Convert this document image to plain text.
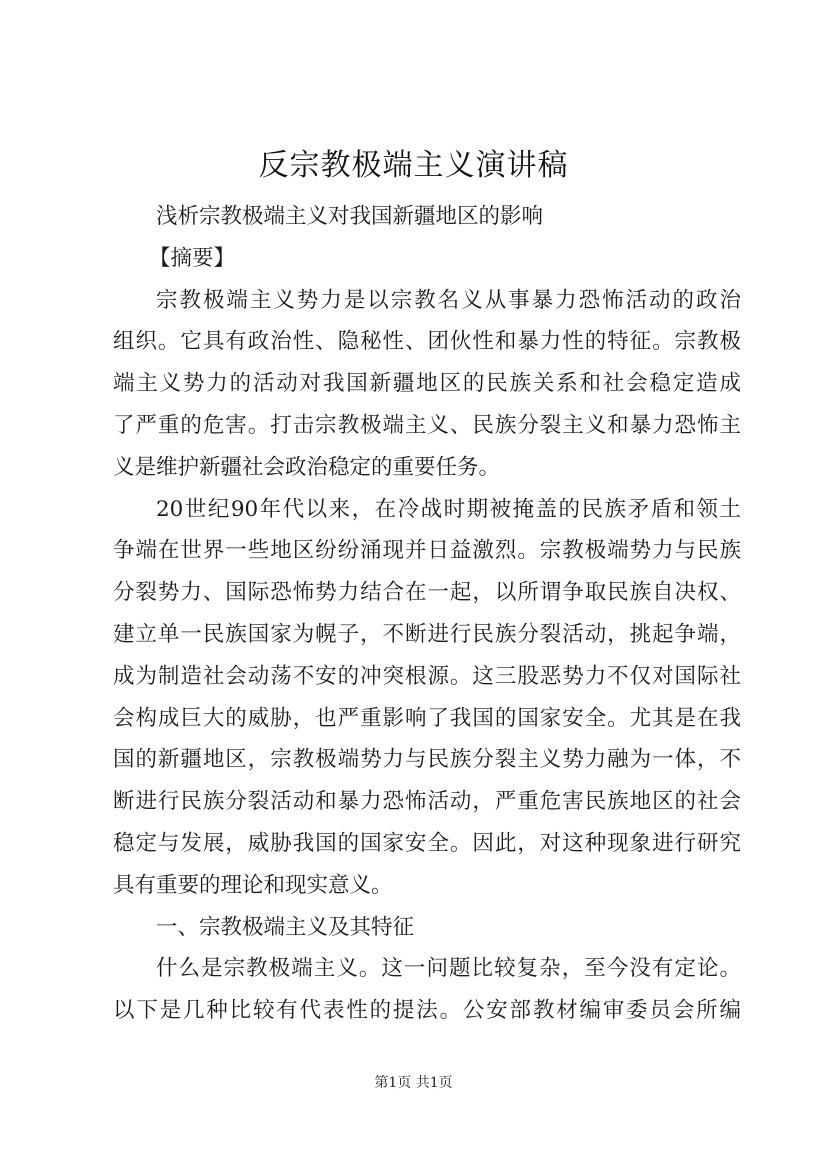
反宗教极端主义演讲稿
浅析宗教极端主义对我国新疆地区的影响
【摘要】
宗教极端主义势力是以宗教名义从事暴力恐怖活动的政治
组织。它具有政治性、隐秘性、团伙性和暴力性的特征。宗教极
端主义势力的活动对我国新疆地区的民族关系和社会稳定造成
了严重的危害。打击宗教极端主义、民族分裂主义和暴力恐怖主
义是维护新疆社会政治稳定的重要任务。
20世纪90年代以来，在冷战时期被掩盖的民族矛盾和领土
争端在世界一些地区纷纷涌现并日益激烈。宗教极端势力与民族
分裂势力、国际恐怖势力结合在一起，以所谓争取民族自决权、
建立单一民族国家为幌子，不断进行民族分裂活动，挑起争端，
成为制造社会动荡不安的冲突根源。这三股恶势力不仅对国际社
会构成巨大的威胁，也严重影响了我国的国家安全。尤其是在我
国的新疆地区，宗教极端势力与民族分裂主义势力融为一体，不
断进行民族分裂活动和暴力恐怖活动，严重危害民族地区的社会
稳定与发展，威胁我国的国家安全。因此，对这种现象进行研究
具有重要的理论和现实意义。
一、宗教极端主义及其特征
什么是宗教极端主义。这一问题比较复杂，至今没有定论。
以下是几种比较有代表性的提法。公安部教材编审委员会所编
第1页 共1页
